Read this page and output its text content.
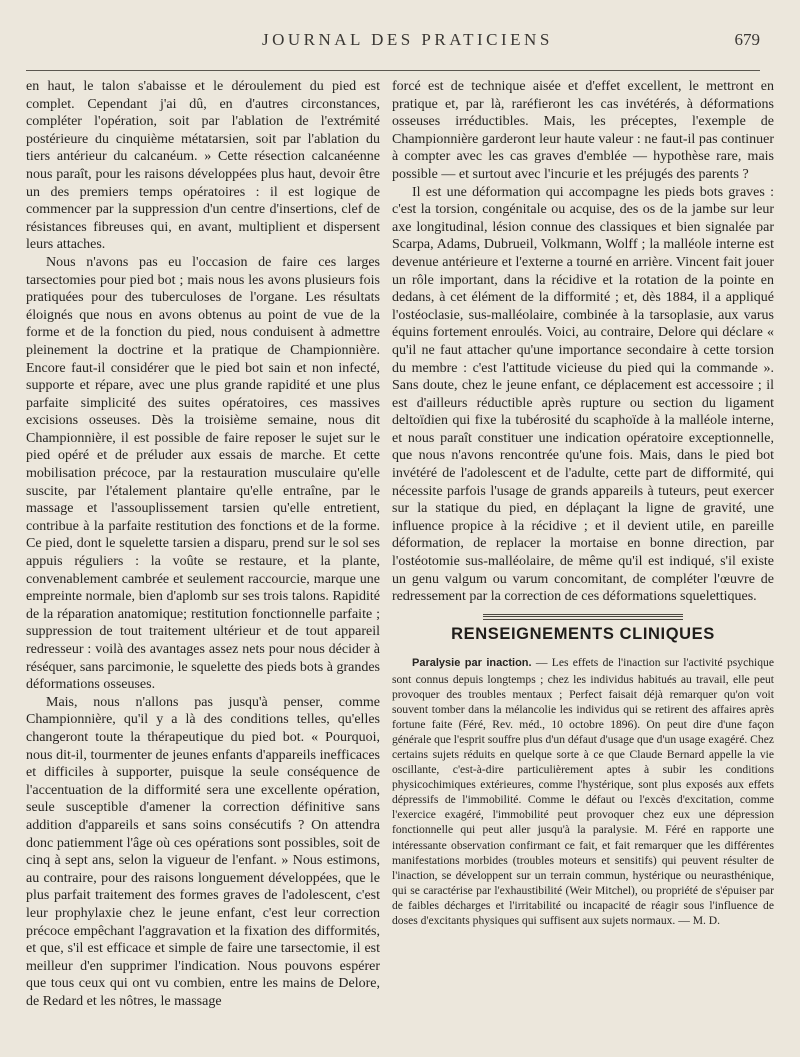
JOURNAL DES PRATICIENS	679

en haut, le talon s'abaisse et le déroulement du pied est complet. Cependant j'ai dû, en d'autres circonstances, compléter l'opération, soit par l'ablation de l'extrémité postérieure du cinquième métatarsien, soit par l'ablation du tiers antérieur du calcanéum. » Cette résection calcanéenne nous paraît, pour les raisons développées plus haut, devoir être un des premiers temps opératoires : il est logique de commencer par la suppression d'un centre d'insertions, clef de résistances fibreuses qui, en avant, multiplient et dispersent leurs attaches.

Nous n'avons pas eu l'occasion de faire ces larges tarsectomies pour pied bot ; mais nous les avons plusieurs fois pratiquées pour des tuberculoses de l'organe. Les résultats éloignés que nous en avons obtenus au point de vue de la forme et de la fonction du pied, nous conduisent à admettre pleinement la doctrine et la pratique de Championnière. Encore faut-il considérer que le pied bot sain et non infecté, supporte et répare, avec une plus grande rapidité et une plus parfaite simplicité des suites opératoires, ces massives excisions osseuses. Dès la troisième semaine, nous dit Championnière, il est possible de faire reposer le sujet sur le pied opéré et de préluder aux essais de marche. Et cette mobilisation précoce, par la restauration musculaire qu'elle suscite, par l'étalement plantaire qu'elle entraîne, par le massage et l'assouplissement tarsien qu'elle entretient, contribue à la parfaite restitution des fonctions et de la forme. Ce pied, dont le squelette tarsien a disparu, prend sur le sol ses appuis réguliers : la voûte se restaure, et la plante, convenablement cambrée et seulement raccourcie, marque une empreinte normale, bien d'aplomb sur ses trois talons. Rapidité de la réparation anatomique; restitution fonctionnelle parfaite ; suppression de tout traitement ultérieur et de tout appareil redresseur : voilà des avantages assez nets pour nous décider à réséquer, sans parcimonie, le squelette des pieds bots à grandes déformations osseuses.

Mais, nous n'allons pas jusqu'à penser, comme Championnière, qu'il y a là des conditions telles, qu'elles changeront toute la thérapeutique du pied bot. « Pourquoi, nous dit-il, tourmenter de jeunes enfants d'appareils inefficaces et difficiles à supporter, puisque la seule conséquence de l'accentuation de la difformité sera une excellente opération, seule susceptible d'amener la correction définitive sans addition d'appareils et sans soins consécutifs ? On attendra donc patiemment l'âge où ces opérations sont possibles, soit de cinq à sept ans, selon la vigueur de l'enfant. » Nous estimons, au contraire, pour des raisons longuement développées, que le plus parfait traitement des formes graves de l'adolescent, c'est leur prophylaxie chez le jeune enfant, c'est leur correction précoce empêchant l'aggravation et la fixation des difformités, et que, s'il est efficace et simple de faire une tarsectomie, il est meilleur d'en supprimer l'indication. Nous pouvons espérer que tous ceux qui ont vu combien, entre les mains de Delore, de Redard et les nôtres, le massage

forcé est de technique aisée et d'effet excellent, le mettront en pratique et, par là, raréfieront les cas invétérés, à déformations osseuses irréductibles. Mais, les préceptes, l'exemple de Championnière garderont leur haute valeur : ne faut-il pas continuer à compter avec les cas graves d'emblée — hypothèse rare, mais possible — et surtout avec l'incurie et les préjugés des parents ?

Il est une déformation qui accompagne les pieds bots graves : c'est la torsion, congénitale ou acquise, des os de la jambe sur leur axe longitudinal, lésion connue des classiques et bien signalée par Scarpa, Adams, Dubrueil, Volkmann, Wolff ; la malléole interne est devenue antérieure et l'externe a tourné en arrière. Vincent fait jouer un rôle important, dans la récidive et la rotation de la pointe en dedans, à cet élément de la difformité ; et, dès 1884, il a appliqué l'ostéoclasie, sus-malléolaire, combinée à la tarsoplasie, aux varus équins fortement enroulés. Voici, au contraire, Delore qui déclare « qu'il ne faut attacher qu'une importance secondaire à cette torsion du membre : c'est l'attitude vicieuse du pied qui la commande ». Sans doute, chez le jeune enfant, ce déplacement est accessoire ; il est d'ailleurs réductible après rupture ou section du ligament deltoïdien qui fixe la tubérosité du scaphoïde à la malléole interne, et nous paraît constituer une indication opératoire exceptionnelle, que nous n'avons rencontrée qu'une fois. Mais, dans le pied bot invétéré de l'adolescent et de l'adulte, cette part de difformité, qui nécessite parfois l'usage de grands appareils à tuteurs, peut exercer sur la statique du pied, en déplaçant la ligne de gravité, une influence propice à la récidive ; et il devient utile, en pareille déformation, de replacer la mortaise en bonne direction, par l'ostéotomie sus-malléolaire, de même qu'il est indiqué, s'il existe un genu valgum ou varum concomitant, de compléter l'œuvre de redressement par la correction de ces déformations squelettiques.

RENSEIGNEMENTS CLINIQUES

Paralysie par inaction. — Les effets de l'inaction sur l'activité psychique sont connus depuis longtemps ; chez les individus habitués au travail, elle peut provoquer des troubles mentaux ; Perfect faisait déjà remarquer qu'on voit souvent tomber dans la mélancolie les individus qui se retirent des affaires après fortune faite (Féré, Rev. méd., 10 octobre 1896). On peut dire d'une façon générale que l'esprit souffre plus d'un défaut d'usage que d'un usage exagéré. Chez certains sujets réduits en quelque sorte à ce que Claude Bernard appelle la vie oscillante, c'est-à-dire particulièrement aptes à subir les conditions physicochimiques extérieures, comme l'hystérique, sont plus exposés aux effets dépressifs de l'immobilité. Comme le défaut ou l'excès d'excitation, comme l'exercice exagéré, l'immobilité peut provoquer chez eux une dépression fonctionnelle qui peut aller jusqu'à la paralysie. M. Féré en rapporte une intéressante observation confirmant ce fait, et fait remarquer que les différentes manifestations morbides (troubles moteurs et sensitifs) qui peuvent résulter de l'inaction, se développent sur un terrain commun, hystérique ou neurasthénique, qui se caractérise par l'exhaustibilité (Weir Mitchel), ou propriété de s'épuiser par de faibles décharges et l'irritabilité ou incapacité de réagir sous l'influence de doses d'excitants physiques qui suffisent aux sujets normaux. — M. D.
